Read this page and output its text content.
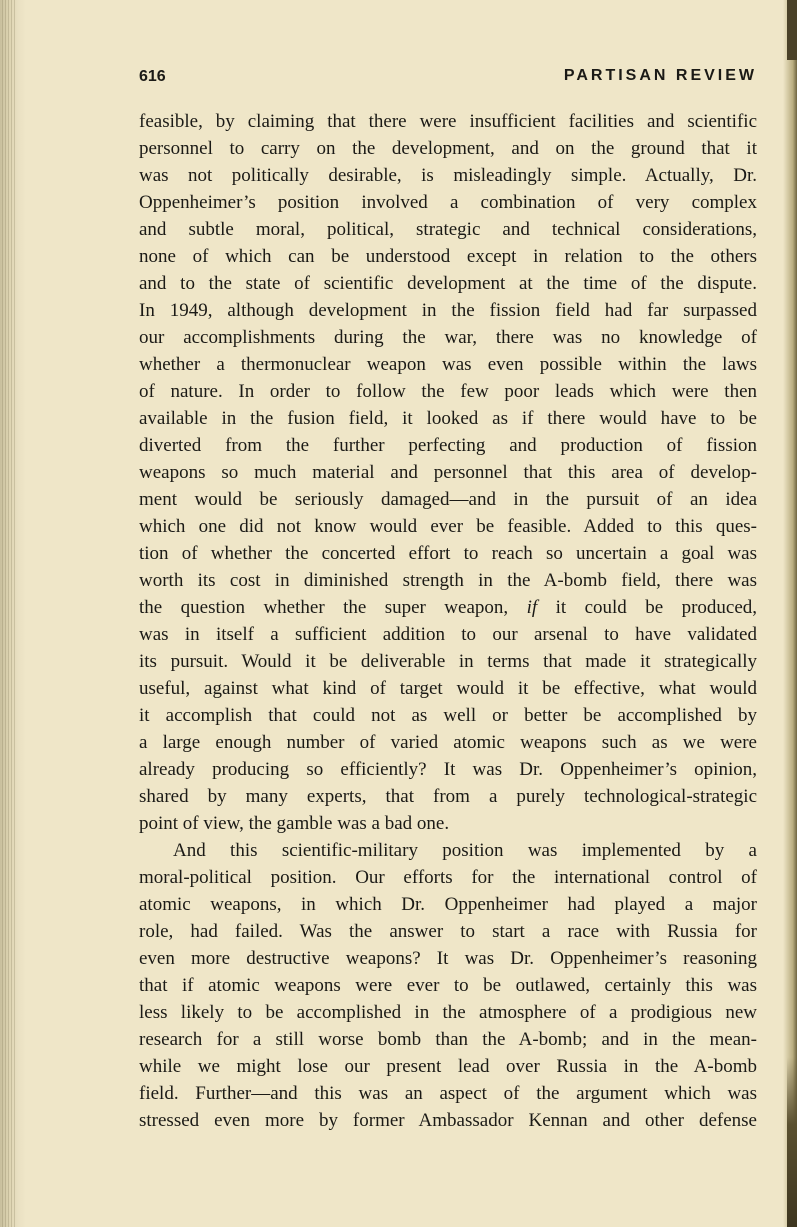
616	PARTISAN REVIEW

feasible, by claiming that there were insufficient facilities and scientific
personnel to carry on the development, and on the ground that it
was not politically desirable, is misleadingly simple. Actually, Dr.
Oppenheimer’s position involved a combination of very complex
and subtle moral, political, strategic and technical considerations,
none of which can be understood except in relation to the others
and to the state of scientific development at the time of the dispute.
In 1949, although development in the fission field had far surpassed
our accomplishments during the war, there was no knowledge of
whether a thermonuclear weapon was even possible within the laws
of nature. In order to follow the few poor leads which were then
available in the fusion field, it looked as if there would have to be
diverted from the further perfecting and production of fission
weapons so much material and personnel that this area of develop-
ment would be seriously damaged—and in the pursuit of an idea
which one did not know would ever be feasible. Added to this ques-
tion of whether the concerted effort to reach so uncertain a goal was
worth its cost in diminished strength in the A-bomb field, there was
the question whether the super weapon, if it could be produced,
was in itself a sufficient addition to our arsenal to have validated
its pursuit. Would it be deliverable in terms that made it strategically
useful, against what kind of target would it be effective, what would
it accomplish that could not as well or better be accomplished by
a large enough number of varied atomic weapons such as we were
already producing so efficiently? It was Dr. Oppenheimer’s opinion,
shared by many experts, that from a purely technological-strategic
point of view, the gamble was a bad one.

And this scientific-military position was implemented by a
moral-political position. Our efforts for the international control of
atomic weapons, in which Dr. Oppenheimer had played a major
role, had failed. Was the answer to start a race with Russia for
even more destructive weapons? It was Dr. Oppenheimer’s reasoning
that if atomic weapons were ever to be outlawed, certainly this was
less likely to be accomplished in the atmosphere of a prodigious new
research for a still worse bomb than the A-bomb; and in the mean-
while we might lose our present lead over Russia in the A-bomb
field. Further—and this was an aspect of the argument which was
stressed even more by former Ambassador Kennan and other defense
